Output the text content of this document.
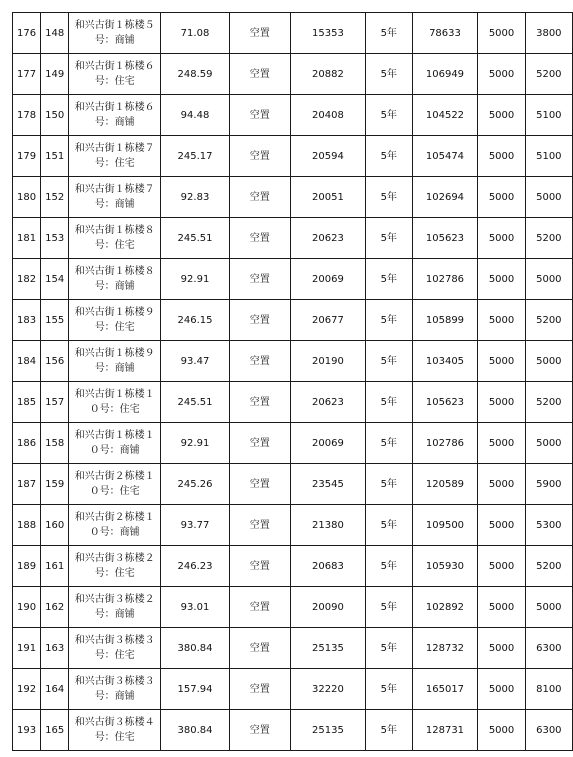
176	148	和兴古街１栋楼５号：商铺	71.08	空置	15353	5年	78633	5000	3800
177	149	和兴古街１栋楼６号：住宅	248.59	空置	20882	5年	106949	5000	5200
178	150	和兴古街１栋楼６号：商铺	94.48	空置	20408	5年	104522	5000	5100
179	151	和兴古街１栋楼７号：住宅	245.17	空置	20594	5年	105474	5000	5100
180	152	和兴古街１栋楼７号：商铺	92.83	空置	20051	5年	102694	5000	5000
181	153	和兴古街１栋楼８号：住宅	245.51	空置	20623	5年	105623	5000	5200
182	154	和兴古街１栋楼８号：商铺	92.91	空置	20069	5年	102786	5000	5000
183	155	和兴古街１栋楼９号：住宅	246.15	空置	20677	5年	105899	5000	5200
184	156	和兴古街１栋楼９号：商铺	93.47	空置	20190	5年	103405	5000	5000
185	157	和兴古街１栋楼１０号：住宅	245.51	空置	20623	5年	105623	5000	5200
186	158	和兴古街１栋楼１０号：商铺	92.91	空置	20069	5年	102786	5000	5000
187	159	和兴古街２栋楼１０号：住宅	245.26	空置	23545	5年	120589	5000	5900
188	160	和兴古街２栋楼１０号：商铺	93.77	空置	21380	5年	109500	5000	5300
189	161	和兴古街３栋楼２号：住宅	246.23	空置	20683	5年	105930	5000	5200
190	162	和兴古街３栋楼２号：商铺	93.01	空置	20090	5年	102892	5000	5000
191	163	和兴古街３栋楼３号：住宅	380.84	空置	25135	5年	128732	5000	6300
192	164	和兴古街３栋楼３号：商铺	157.94	空置	32220	5年	165017	5000	8100
193	165	和兴古街３栋楼４号：住宅	380.84	空置	25135	5年	128731	5000	6300
